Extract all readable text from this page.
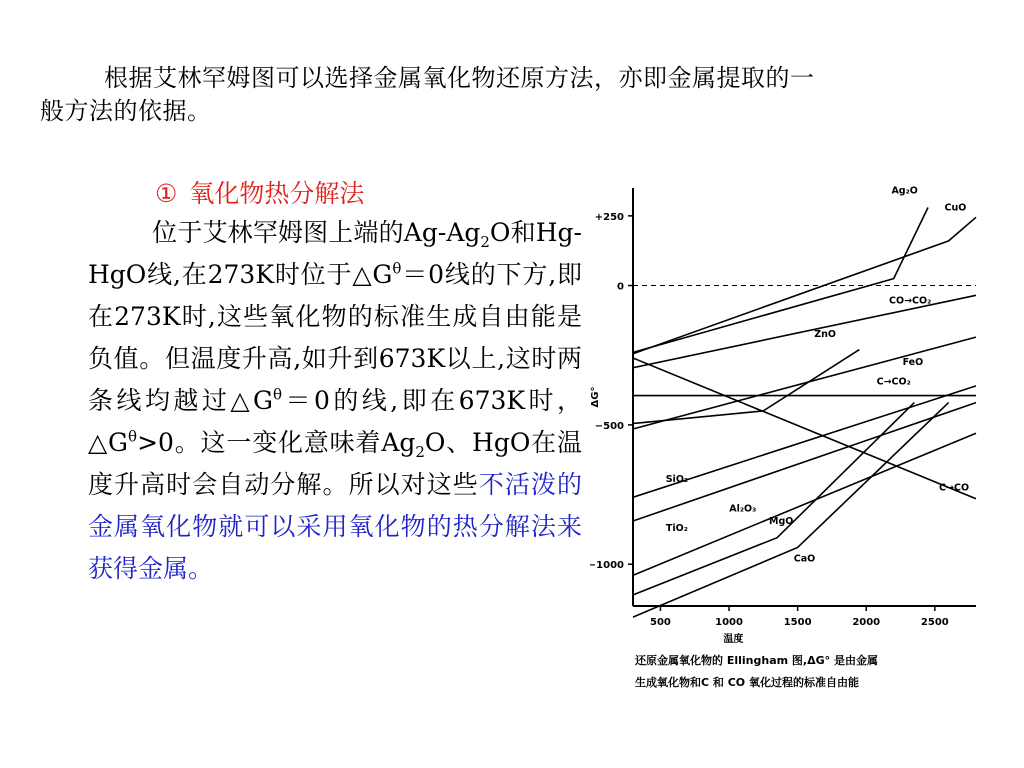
根据艾林罕姆图可以选择金属氧化物还原方法，亦即金属提取的一
般方法的依据。
① 氧化物热分解法
位于艾林罕姆图上端的$Ag-Ag_2O$和Hg-HgO线,在273K时位于$\triangle G^\theta=0$线的下方,即在273K时,这些氧化物的标准生成自由能是负值。但温度升高,如升到673K以上,这时两条线均越过$\triangle G^\theta=0$的线,即在673K时，$\triangle G^\theta>0$。这一变化意味着$Ag_2O$、HgO在温度升高时会自动分解。所以对这些不活泼的金属氧化物就可以采用氧化物的热分解法来获得金属。
+250
0
−500
−1000
500	1000	1500	2000	2500
ΔG°
温度
Ag₂O
CuO
CO→CO₂
ZnO
FeO
C→CO₂
SiO₂
Al₂O₃
MgO
TiO₂
CaO
C→CO
还原金属氧化物的 Ellingham 图,ΔG° 是由金属
生成氧化物和C 和 CO 氧化过程的标准自由能
